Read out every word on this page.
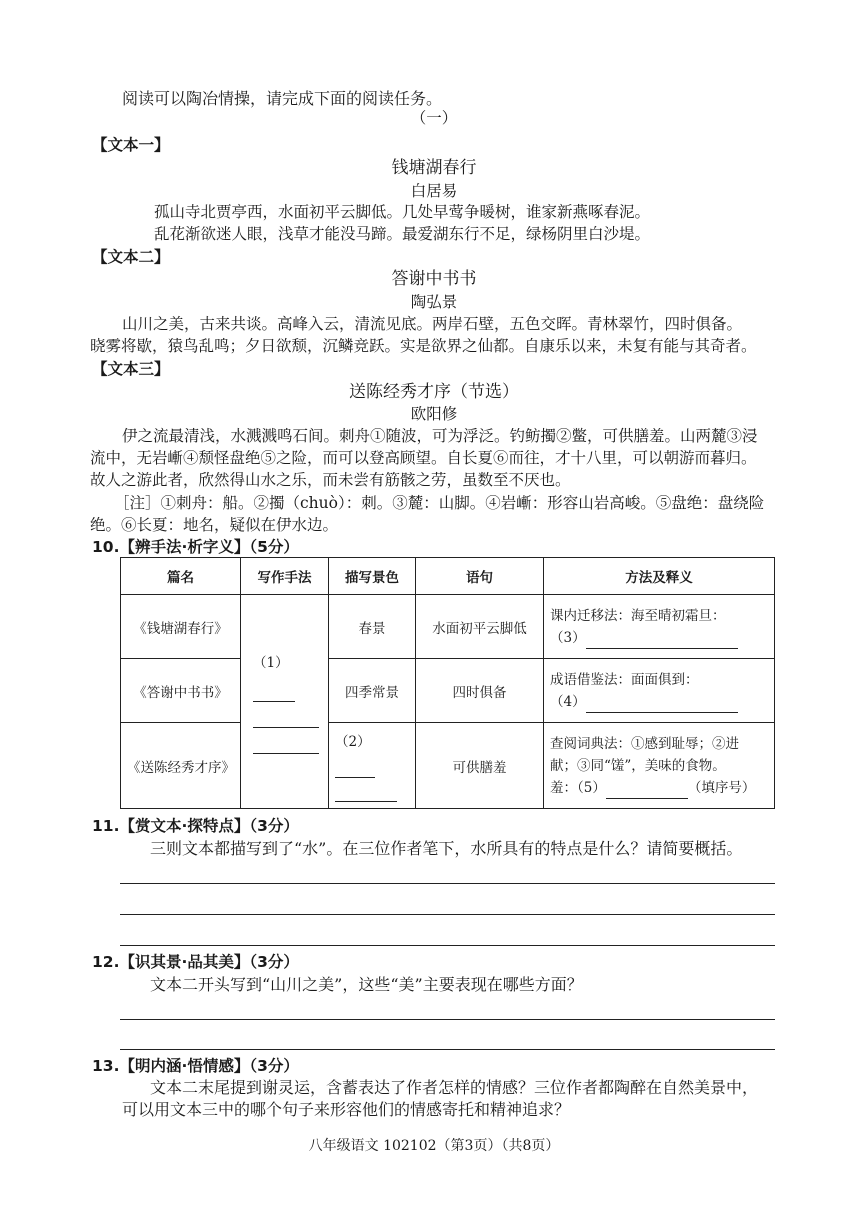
阅读可以陶冶情操，请完成下面的阅读任务。
（一）
【文本一】
钱塘湖春行
白居易
孤山寺北贾亭西，水面初平云脚低。几处早莺争暖树，谁家新燕啄春泥。
乱花渐欲迷人眼，浅草才能没马蹄。最爱湖东行不足，绿杨阴里白沙堤。
【文本二】
答谢中书书
陶弘景
山川之美，古来共谈。高峰入云，清流见底。两岸石壁，五色交晖。青林翠竹，四时俱备。
晓雾将歇，猿鸟乱鸣；夕日欲颓，沉鳞竞跃。实是欲界之仙都。自康乐以来，未复有能与其奇者。
【文本三】
送陈经秀才序（节选）
欧阳修
伊之流最清浅，水溅溅鸣石间。刺舟①随波，可为浮泛。钓鲂擉②鳖，可供膳羞。山两麓③浸
流中，无岩嶃④颓怪盘绝⑤之险，而可以登高顾望。自长夏⑥而往，才十八里，可以朝游而暮归。
故人之游此者，欣然得山水之乐，而未尝有筋骸之劳，虽数至不厌也。
［注］①刺舟：船。②擉（chuò）：刺。③麓：山脚。④岩嶃：形容山岩高峻。⑤盘绝：盘绕险
绝。⑥长夏：地名，疑似在伊水边。
10.【辨手法·析字义】（5分）
篇名	写作手法	描写景色	语句	方法及释义
《钱塘湖春行》	（1）	春景	水面初平云脚低	课内迁移法：海至晴初霜旦：
（3）

《答谢中书书》		四季常景	四时俱备	成语借鉴法：面面俱到：
（4）

《送陈经秀才序》		（2）	可供膳羞	查阅词典法：①感到耻辱；②进
献；③同“馐”，美味的食物。
羞：（5） （填序号）
11.【赏文本·探特点】（3分）
三则文本都描写到了“水”。在三位作者笔下，水所具有的特点是什么？请简要概括。
12.【识其景·品其美】（3分）
文本二开头写到“山川之美”，这些“美”主要表现在哪些方面？
13.【明内涵·悟情感】（3分）
文本二末尾提到谢灵运，含蓄表达了作者怎样的情感？三位作者都陶醉在自然美景中，
可以用文本三中的哪个句子来形容他们的情感寄托和精神追求？
八年级语文 102102（第3页）（共8页）
